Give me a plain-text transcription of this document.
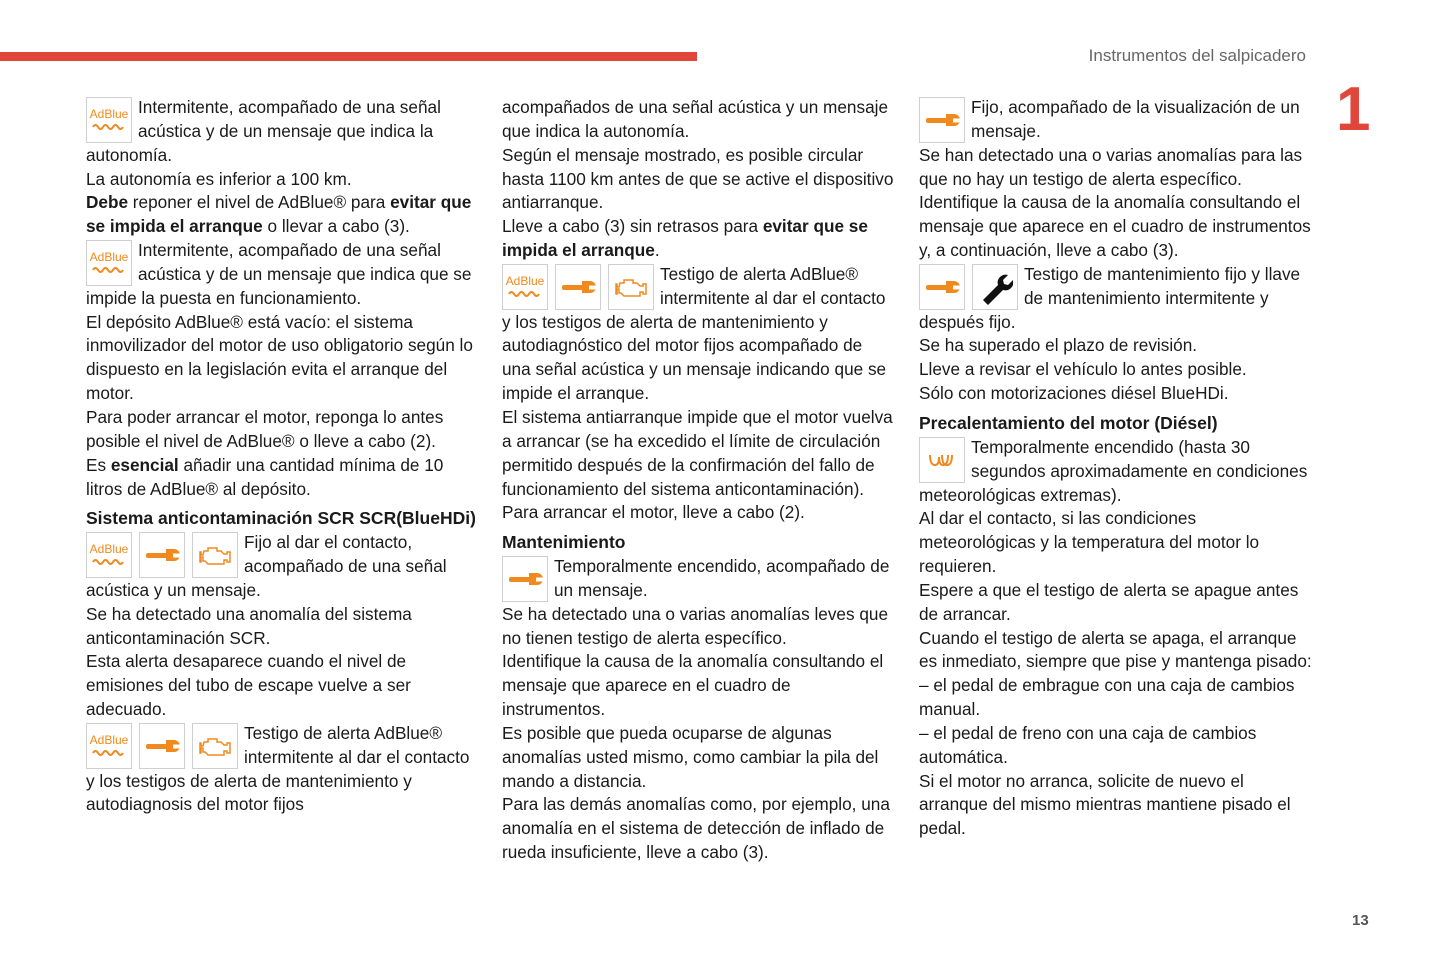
Instrumentos del salpicadero
1
13

AdBlue Intermitente, acompañado de una señal acústica y de un mensaje que indica la autonomía.

La autonomía es inferior a 100 km.

Debe reponer el nivel de AdBlue® para evitar que se impida el arranque o llevar a cabo (3).

AdBlue Intermitente, acompañado de una señal acústica y de un mensaje que indica que se impide la puesta en funcionamiento.

El depósito AdBlue® está vacío: el sistema inmovilizador del motor de uso obligatorio según lo dispuesto en la legislación evita el arranque del motor.

Para poder arrancar el motor, reponga lo antes posible el nivel de AdBlue® o lleve a cabo (2).

Es esencial añadir una cantidad mínima de 10 litros de AdBlue® al depósito.

Sistema anticontaminación SCR SCR(BlueHDi)

AdBlue	Fijo al dar el contacto, acompañado de una señal acústica y un mensaje.

Se ha detectado una anomalía del sistema anticontaminación SCR.

Esta alerta desaparece cuando el nivel de emisiones del tubo de escape vuelve a ser adecuado.

AdBlue	Testigo de alerta AdBlue® intermitente al dar el contacto y los testigos de alerta de mantenimiento y autodiagnosis del motor fijos

acompañados de una señal acústica y un mensaje que indica la autonomía.

Según el mensaje mostrado, es posible circular hasta 1100 km antes de que se active el dispositivo antiarranque.

Lleve a cabo (3) sin retrasos para evitar que se impida el arranque.

AdBlue	Testigo de alerta AdBlue® intermitente al dar el contacto y los testigos de alerta de mantenimiento y autodiagnóstico del motor fijos acompañado de una señal acústica y un mensaje indicando que se impide el arranque.

El sistema antiarranque impide que el motor vuelva a arrancar (se ha excedido el límite de circulación permitido después de la confirmación del fallo de funcionamiento del sistema anticontaminación).

Para arrancar el motor, lleve a cabo (2).

Mantenimiento

Temporalmente encendido, acompañado de un mensaje.

Se ha detectado una o varias anomalías leves que no tienen testigo de alerta específico.

Identifique la causa de la anomalía consultando el mensaje que aparece en el cuadro de instrumentos.

Es posible que pueda ocuparse de algunas anomalías usted mismo, como cambiar la pila del mando a distancia.

Para las demás anomalías como, por ejemplo, una anomalía en el sistema de detección de inflado de rueda insuficiente, lleve a cabo (3).

Fijo, acompañado de la visualización de un mensaje.

Se han detectado una o varias anomalías para las que no hay un testigo de alerta específico.

Identifique la causa de la anomalía consultando el mensaje que aparece en el cuadro de instrumentos y, a continuación, lleve a cabo (3).

Testigo de mantenimiento fijo y llave de mantenimiento intermitente y después fijo.

Se ha superado el plazo de revisión.

Lleve a revisar el vehículo lo antes posible.

Sólo con motorizaciones diésel BlueHDi.

Precalentamiento del motor (Diésel)

Temporalmente encendido (hasta 30 segundos aproximadamente en condiciones meteorológicas extremas).

Al dar el contacto, si las condiciones meteorológicas y la temperatura del motor lo requieren.

Espere a que el testigo de alerta se apague antes de arrancar.

Cuando el testigo de alerta se apaga, el arranque es inmediato, siempre que pise y mantenga pisado:

– el pedal de embrague con una caja de cambios manual.

– el pedal de freno con una caja de cambios automática.

Si el motor no arranca, solicite de nuevo el arranque del mismo mientras mantiene pisado el pedal.
